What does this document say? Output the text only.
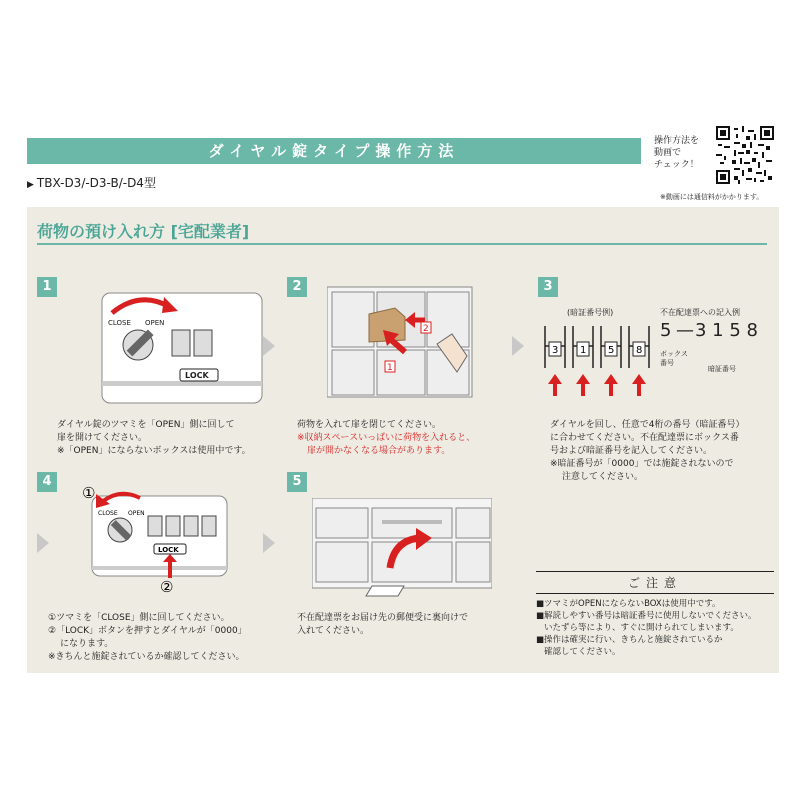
ダイヤル錠タイプ操作方法
▶ TBX-D3/-D3-B/-D4型
操作方法を
動画で
チェック！
※動画には通信料がかかります。
荷物の預け入れ方 [宅配業者]
1
CLOSE OPEN
LOCK
ダイヤル錠のツマミを「OPEN」側に回して
扉を開けてください。
※「OPEN」にならないボックスは使用中です。
2
1
2
荷物を入れて扉を閉じてください。
※収納スペースいっぱいに荷物を入れると、
扉が開かなくなる場合があります。
3
(暗証番号例)
3 1 5 8
不在配達票への記入例
5 — 3 1 5 8
ボックス
番号
暗証番号
ダイヤルを回し、任意で4桁の番号（暗証番号）
に合わせてください。不在配達票にボックス番
号および暗証番号を記入してください。
※暗証番号が「0000」では施錠されないので
注意してください。
4
CLOSE OPEN
LOCK
①
②
①ツマミを「CLOSE」側に回してください。
②「LOCK」ボタンを押すとダイヤルが「0000」
になります。
※きちんと施錠されているか確認してください。
5
不在配達票をお届け先の郵便受に裏向けで
入れてください。
ご注意
■ツマミがOPENにならないBOXは使用中です。
■解読しやすい番号は暗証番号に使用しないでください。
いたずら等により、すぐに開けられてしまいます。
■操作は確実に行い、きちんと施錠されているか
確認してください。
